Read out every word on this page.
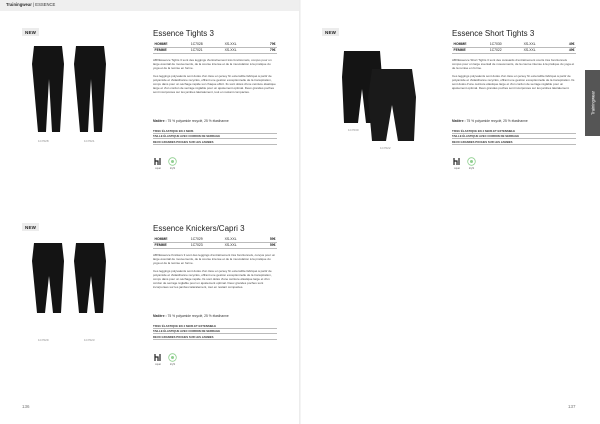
Trainingwear | ESSENCE
NEW
1C7028	1C7021
Essence Tights 3
HOMME	1C7028	XS-XXL	79€
FEMME	1C7021	XS-XXL	79€

ABVEssence Tights 3 sont des leggings d'entraînement très fonctionnels, conçus pour un large éventail de mouvements, de la course intense et de la musculation à la pratique du yoga et de la remise en forme.

Ces leggings polyvalents sont dotés d'un tissu en jersey fin extensible fabriqué à partir de polyamide et d'élasthanne recyclés, offrant une gestion exceptionnelle de la transpiration, conçu dans pour un séchage rapide sur chaque effort. Ils sont dotés d'une ceinture élastique large et d'un cordon de serrage réglable pour un ajustement optimal. Deux grandes poches sont incorporées sur les jambes latéralement, tout en restant compactes.

Matière : 75 % polyamide recyclé, 25 % élasthanne
TISSU ÉLASTIQUE EN 4 SENS
TAILLE ÉLASTIQUE AVEC CORDON DE SERRAGE
DEUX GRANDES POCHES SUR LES JAMBES
squat	dryfit
NEW
1C7030
1C7022
Essence Short Tights 3
HOMME	1C7030	XS-XXL	49€
FEMME	1C7022	XS-XXL	49€

ABVEssence Short Tights 3 sont des cuissards d'entraînement courts très fonctionnels conçus pour un large éventail de mouvements, de la course intense à la pratique du yoga et de la remise en forme.

Ces leggings polyvalents sont dotés d'un tissu en jersey fin extensible fabriqué à partir de polyamide et d'élasthanne recyclés, offrant une gestion exceptionnelle de la transpiration. Ils sont dotés d'une ceinture élastique large et d'un cordon de serrage réglable pour un ajustement optimal. Deux grandes poches sont incorporées sur les jambes latéralement.

Matière : 75 % polyamide recyclé, 25 % élasthanne
TISSU ÉLASTIQUE EN 4 SENS ET EXTENSIBLE
TAILLE ÉLASTIQUE AVEC CORDON DE SERRAGE
DEUX GRANDES POCHES SUR LES JAMBES
squat	dryfit
Trainingwear
NEW
1C7029	1C7023
Essence Knickers/Capri 3
HOMME	1C7029	XS-XXL	59€
FEMME	1C7023	XS-XXL	59€

ABVEssence Knickers 3 sont des leggings d'entraînement très fonctionnels, conçus pour un large éventail de mouvements, de la course intense et de la musculation à la pratique du yoga et de la remise en forme.

Ces leggings polyvalents sont dotés d'un tissu en jersey fin extensible fabriqué à partir de polyamide et d'élasthanne recyclés, offrant une gestion exceptionnelle de la transpiration, conçu dans pour un séchage rapide. Ils sont dotés d'une ceinture élastique large et d'un cordon de serrage réglable pour un ajustement optimal. Deux grandes poches sont incorporées sur les jambes latéralement, tout en restant compactes.

Matière : 75 % polyamide recyclé, 25 % élasthanne
TISSU ÉLASTIQUE EN 4 SENS ET EXTENSIBLE
TAILLE ÉLASTIQUE AVEC CORDON DE SERRAGE
DEUX GRANDES POCHES SUR LES JAMBES
squat	dryfit
136	137
